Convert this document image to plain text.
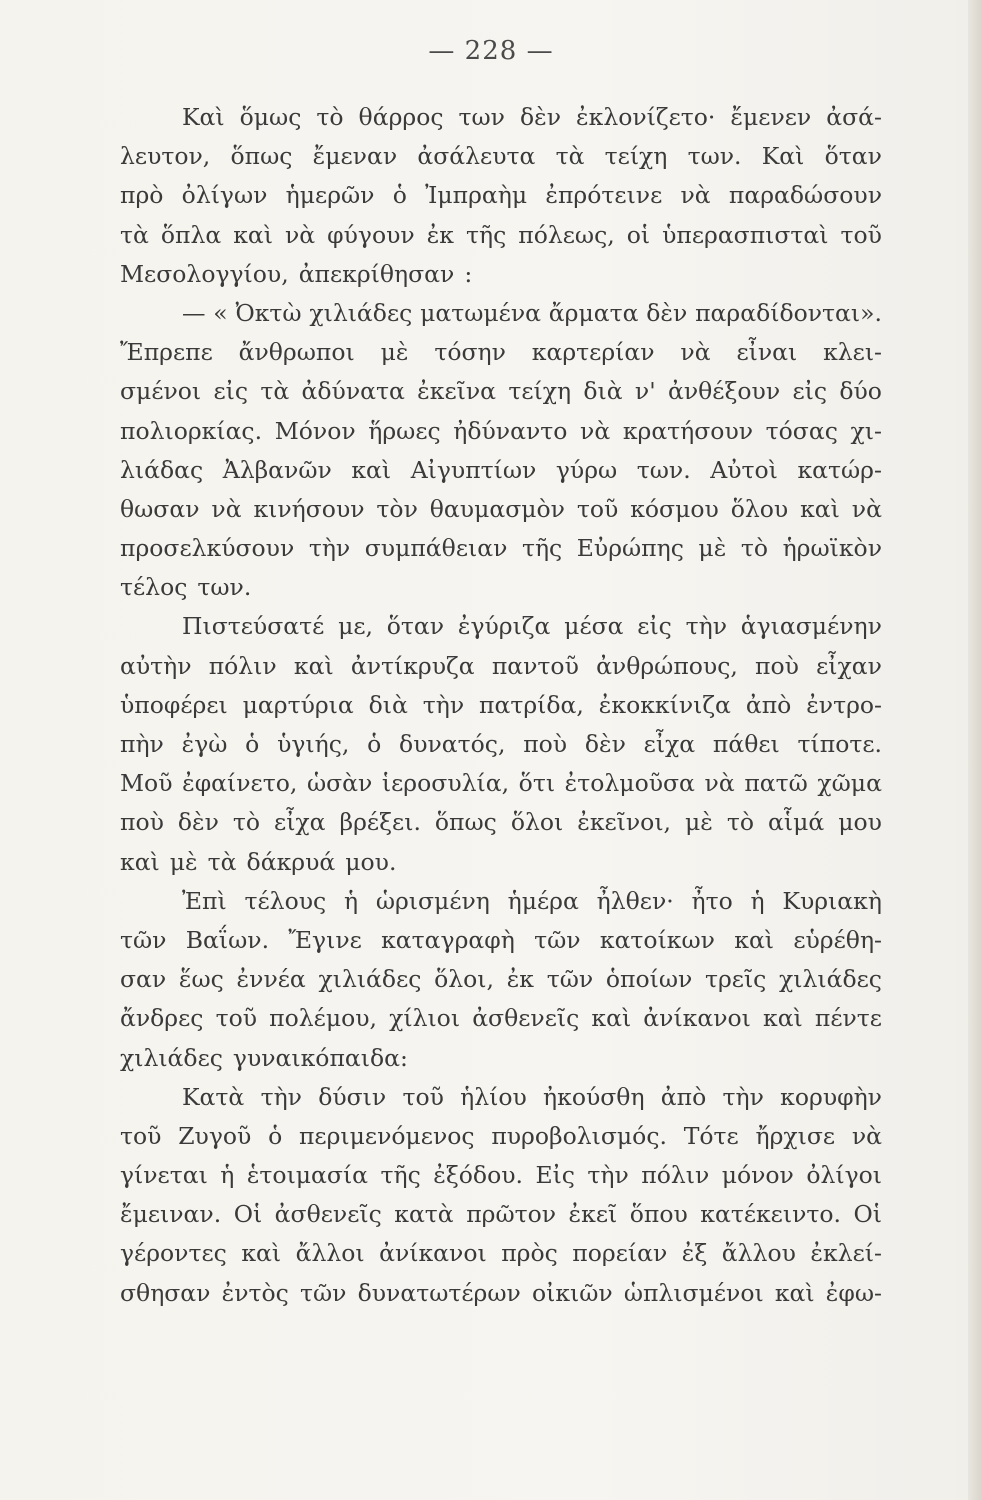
— 228 —
Καὶ ὅμως τὸ θάρρος των δὲν ἐκλονίζετο· ἔμενεν ἀσά-
λευτον, ὅπως ἔμεναν ἀσάλευτα τὰ τείχη των. Καὶ ὅταν
πρὸ ὀλίγων ἡμερῶν ὁ Ἰμπραὴμ ἐπρότεινε νὰ παραδώσουν
τὰ ὅπλα καὶ νὰ φύγουν ἐκ τῆς πόλεως, οἱ ὑπερασπισταὶ τοῦ
Μεσολογγίου, ἀπεκρίθησαν :
— « Ὀκτὼ χιλιάδες ματωμένα ἄρματα δὲν παραδίδονται».
Ἔπρεπε ἄνθρωποι μὲ τόσην καρτερίαν νὰ εἶναι κλει-
σμένοι εἰς τὰ ἀδύνατα ἐκεῖνα τείχη διὰ ν' ἀνθέξουν εἰς δύο
πολιορκίας. Μόνον ἥρωες ἠδύναντο νὰ κρατήσουν τόσας χι-
λιάδας Ἀλβανῶν καὶ Αἰγυπτίων γύρω των. Αὐτοὶ κατώρ-
θωσαν νὰ κινήσουν τὸν θαυμασμὸν τοῦ κόσμου ὅλου καὶ νὰ
προσελκύσουν τὴν συμπάθειαν τῆς Εὐρώπης μὲ τὸ ἡρωϊκὸν
τέλος των.
Πιστεύσατέ με, ὅταν ἐγύριζα μέσα εἰς τὴν ἁγιασμένην
αὐτὴν πόλιν καὶ ἀντίκρυζα παντοῦ ἀνθρώπους, ποὺ εἶχαν
ὑποφέρει μαρτύρια διὰ τὴν πατρίδα, ἐκοκκίνιζα ἀπὸ ἐντρο-
πὴν ἐγὼ ὁ ὑγιής, ὁ δυνατός, ποὺ δὲν εἶχα πάθει τίποτε.
Μοῦ ἐφαίνετο, ὡσὰν ἱεροσυλία, ὅτι ἐτολμοῦσα νὰ πατῶ χῶμα
ποὺ δὲν τὸ εἶχα βρέξει. ὅπως ὅλοι ἐκεῖνοι, μὲ τὸ αἷμά μου
καὶ μὲ τὰ δάκρυά μου.
Ἐπὶ τέλους ἡ ὡρισμένη ἡμέρα ἦλθεν· ἦτο ἡ Κυριακὴ
τῶν Βαΐων. Ἔγινε καταγραφὴ τῶν κατοίκων καὶ εὑρέθη-
σαν ἕως ἐννέα χιλιάδες ὅλοι, ἐκ τῶν ὁποίων τρεῖς χιλιάδες
ἄνδρες τοῦ πολέμου, χίλιοι ἀσθενεῖς καὶ ἀνίκανοι καὶ πέντε
χιλιάδες γυναικόπαιδα:
Κατὰ τὴν δύσιν τοῦ ἡλίου ἠκούσθη ἀπὸ τὴν κορυφὴν
τοῦ Ζυγοῦ ὁ περιμενόμενος πυροβολισμός. Τότε ἤρχισε νὰ
γίνεται ἡ ἑτοιμασία τῆς ἐξόδου. Εἰς τὴν πόλιν μόνον ὀλίγοι
ἔμειναν. Οἱ ἀσθενεῖς κατὰ πρῶτον ἐκεῖ ὅπου κατέκειντο. Οἱ
γέροντες καὶ ἄλλοι ἀνίκανοι πρὸς πορείαν ἐξ ἄλλου ἐκλεί-
σθησαν ἐντὸς τῶν δυνατωτέρων οἰκιῶν ὡπλισμένοι καὶ ἐφω-
